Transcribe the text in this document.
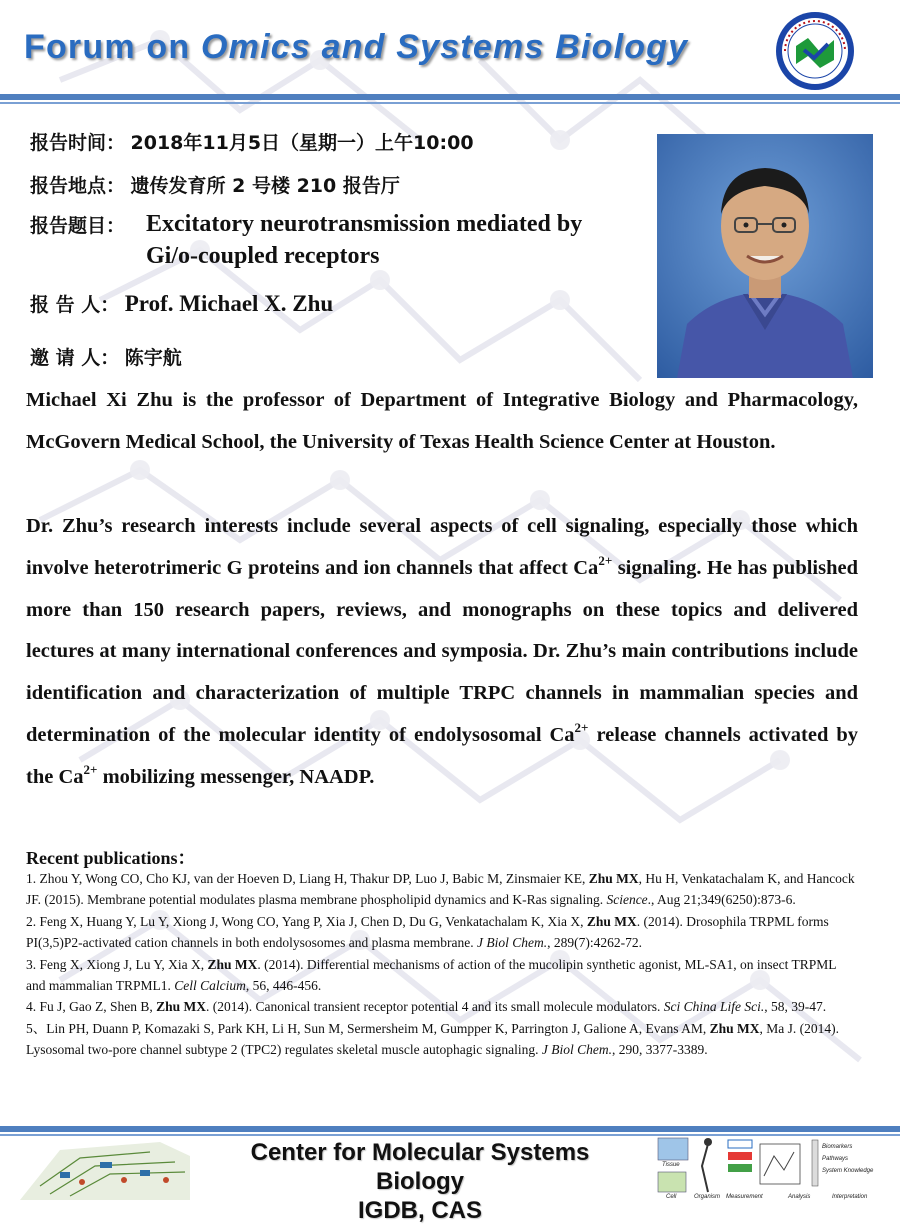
Forum on Omics and Systems Biology
报告时间： 2018年11月5日（星期一）上午10:00
报告地点： 遗传发育所 2 号楼 210 报告厅
报告题目： Excitatory neurotransmission mediated by
Gi/o-coupled receptors
报 告 人： Prof. Michael X. Zhu
邀 请 人： 陈宇航
Michael Xi Zhu is the professor of Department of Integrative Biology and Pharmacology, McGovern Medical School, the University of Texas Health Science Center at Houston.
Dr. Zhu’s research interests include several aspects of cell signaling, especially those which involve heterotrimeric G proteins and ion channels that affect $Ca^{2+}$ signaling. He has published more than 150 research papers, reviews, and monographs on these topics and delivered lectures at many international conferences and symposia. Dr. Zhu’s main contributions include identification and characterization of multiple TRPC channels in mammalian species and determination of the molecular identity of endolysosomal $Ca^{2+}$ release channels activated by the $Ca^{2+}$ mobilizing messenger, NAADP.
Recent publications：

1. Zhou Y, Wong CO, Cho KJ, van der Hoeven D, Liang H, Thakur DP, Luo J, Babic M, Zinsmaier KE, Zhu MX, Hu H, Venkatachalam K, and Hancock JF. (2015). Membrane potential modulates plasma membrane phospholipid dynamics and K-Ras signaling. Science., Aug 21;349(6250):873-6.

2. Feng X, Huang Y, Lu Y, Xiong J, Wong CO, Yang P, Xia J, Chen D, Du G, Venkatachalam K, Xia X, Zhu MX. (2014). Drosophila TRPML forms PI(3,5)P2-activated cation channels in both endolysosomes and plasma membrane. J Biol Chem., 289(7):4262-72.

3. Feng X, Xiong J, Lu Y, Xia X, Zhu MX. (2014). Differential mechanisms of action of the mucolipin synthetic agonist, ML-SA1, on insect TRPML and mammalian TRPML1. Cell Calcium, 56, 446-456.

4. Fu J, Gao Z, Shen B, Zhu MX. (2014). Canonical transient receptor potential 4 and its small molecule modulators. Sci China Life Sci., 58, 39-47.

5、Lin PH, Duann P, Komazaki S, Park KH, Li H, Sun M, Sermersheim M, Gumpper K, Parrington J, Galione A, Evans AM, Zhu MX, Ma J. (2014). Lysosomal two-pore channel subtype 2 (TPC2) regulates skeletal muscle autophagic signaling. J Biol Chem., 290, 3377-3389.

Center for Molecular Systems Biology
IGDB, CAS
Tissue
Cell	Organism Measurement	Analysis
Biomarkers
Pathways
System Knowledge
Interpretation
